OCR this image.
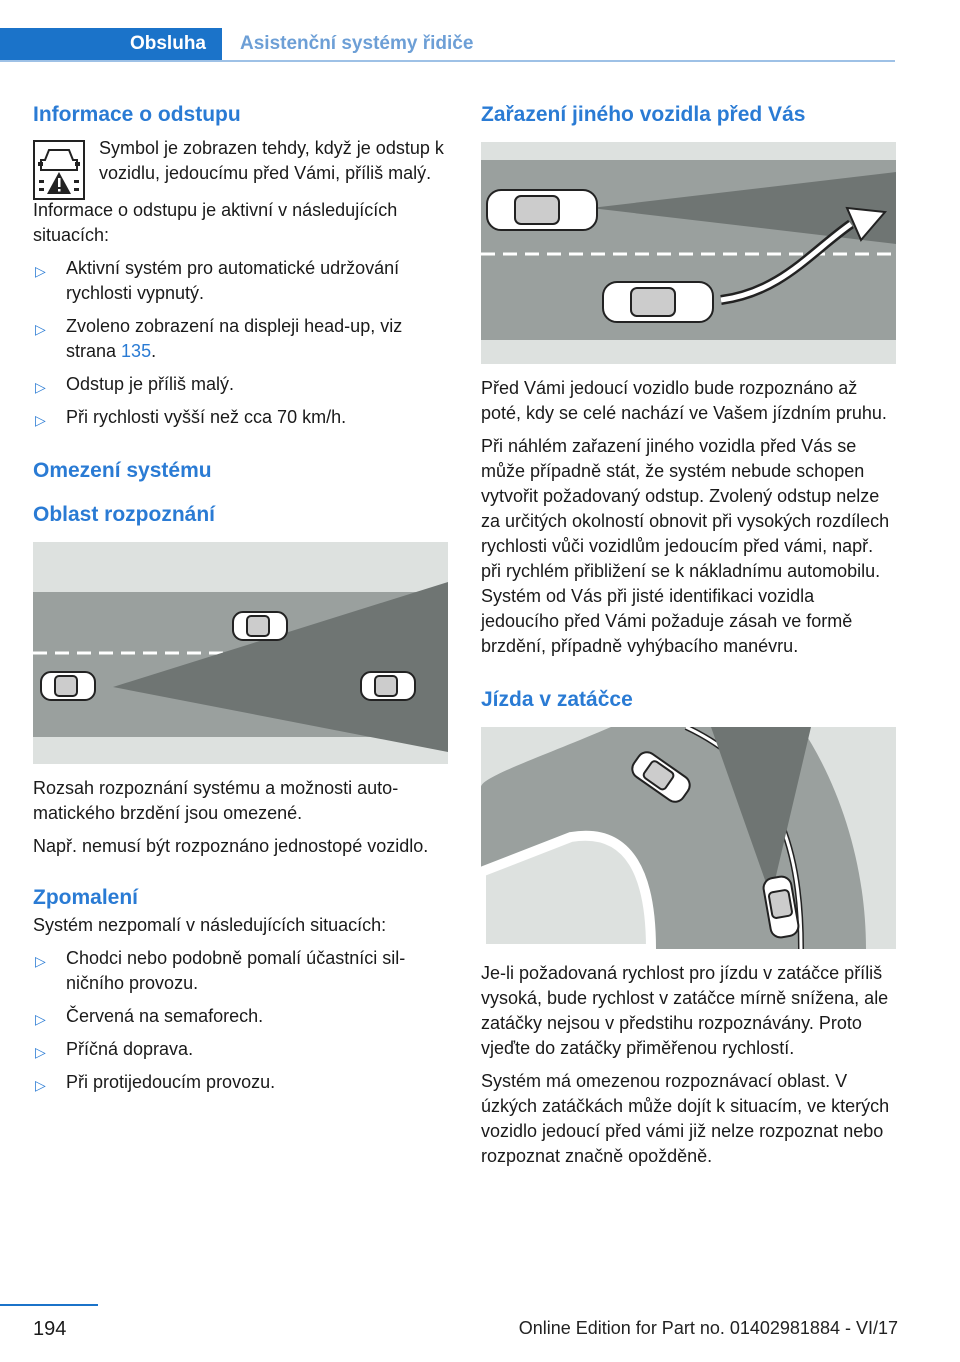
Obsluha	Asistenční systémy řidiče
Informace o odstupu

Symbol je zobrazen tehdy, když je odstup k vozidlu, jedoucímu před Vámi, příliš malý.

Informace o odstupu je aktivní v následujících situacích:

▷ Aktivní systém pro automatické udržování rychlosti vypnutý.
▷ Zvoleno zobrazení na displeji head-up, viz strana 135.
▷ Odstup je příliš malý.
▷ Při rychlosti vyšší než cca 70 km/h.
Omezení systému
Oblast rozpoznání

Rozsah rozpoznání systému a možnosti automatického brzdění jsou omezené.

Např. nemusí být rozpoznáno jednostopé vozidlo.

Zpomalení

Systém nezpomalí v následujících situacích:

▷ Chodci nebo podobně pomalí účastníci silničního provozu.
▷ Červená na semaforech.
▷ Příčná doprava.
▷ Při protijedoucím provozu.
Zařazení jiného vozidla před Vás

Před Vámi jedoucí vozidlo bude rozpoznáno až poté, kdy se celé nachází ve Vašem jízdním pruhu.

Při náhlém zařazení jiného vozidla před Vás se může případně stát, že systém nebude schopen vytvořit požadovaný odstup. Zvolený odstup nelze za určitých okolností obnovit při vysokých rozdílech rychlosti vůči vozidlům jedoucím před vámi, např. při rychlém přibližení se k nákladnímu automobilu. Systém od Vás při jisté identifikaci vozidla jedoucího před Vámi požaduje zásah ve formě brzdění, případně vyhýbacího manévru.

Jízda v zatáčce

Je-li požadovaná rychlost pro jízdu v zatáčce příliš vysoká, bude rychlost v zatáčce mírně snížena, ale zatáčky nejsou v předstihu rozpoznávány. Proto vjeďte do zatáčky přiměřenou rychlostí.

Systém má omezenou rozpoznávací oblast. V úzkých zatáčkách může dojít k situacím, ve kterých vozidlo jedoucí před vámi již nelze rozpoznat nebo rozpoznat značně opožděně.

194	Online Edition for Part no. 01402981884 - VI/17
